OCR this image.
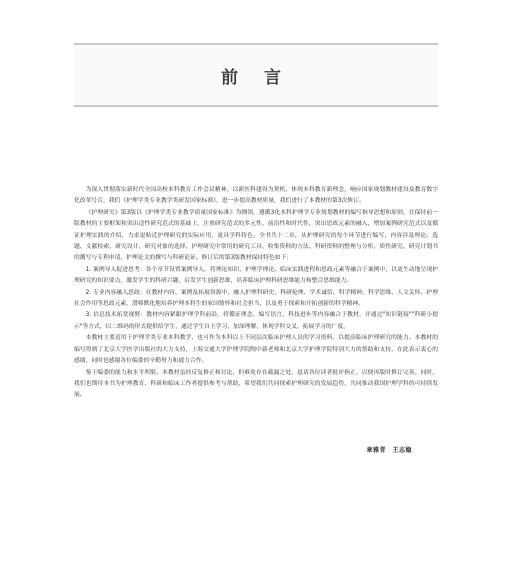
前 言

为深入贯彻落实新时代全国高校本科教育工作会议精神，以新医科建设为契机，体现本科教育新理念，响应国家规划教材建设及教育数字化改革号召，我们《护理学类专业教学类研发国家标准》，进一步提高教材质量，我们进行了本教材的第3次修订。

《护理研究》第3版以《护理学类专业教学质量国家标准》为纲领，遵循3化本科护理学专业规划教材的编写指导思想和原则，在保持前一版教材的主要框架和突出适性研究范式的基础上，注重研究范式的多元性、前沿性和时代性，突出思政元素的融入，增加案例研究范式以及循证护理实践的介绍，力求更贴近护理研究的实际应用，更具学科特色。全书共十二章，从护理研究的每个环节进行编写，内容涉及理论、选题、文献检索、研究设计、研究对象的选择、护理研究中常用的研究工具、收集资料的方法、科研资料的整理与分析、质性研究、研究计划书的撰写与专利申请、护理论文的撰写与科研论证。修订后的第3版教材保持特色如下：

1. 案例导入促进思考：各个章节设置案例导入，将理论知识、护理学理论、临床实践进程和思政元素等融合于案例中，以更生动地呈现护理研究的知识要点，激发学生的科研兴趣，启发学生创新思维，培养临床护理科研思维能力和整合思维能力。

2. 专业内容融入思政：在教材内容、案例及拓展资源中，融入护理科研史、科研伦理、学术诚信、科学精神、科学思维、人文关怀、护理社会作用等思政元素，潜移默化地培养护理本科生的家国情怀和社会担当，以及勇于探索和开拓创新的科学精神。

3. 信息技术拓宽视野：教材内容紧跟护理学科前沿，将循证理念、编写语言、科技进步等内容融合于教材，并通过"知识链接""科研小提示"等方式，以二维码的形式提供给学生，通过学生自主学习，加深理解，体现学科交叉，拓展学习的广度。

本教材主要适用于护理学类专业本科教学，也可作为本科以上不同层次临床护理人员的学习资料，以提高临床护理研究的能力。本教材的编写得到了北京大学医学出版社的大力支持，上海交通大学护理学院陶中新老师和北京大学护理学院特别大力的帮助和支持，在此表示衷心的感谢，同时也感谢各位编委的辛勤努力和通力合作。

鉴于编委的能力和水平所限，本教材虽经反复修正和讨论，但难免存在疏漏之处，恳请各位读者批评指正，以便再版时修订完善。同时，我们也期待本书为护理教育、科研和临床工作者提供参考与帮助，希望我们共同探索护理研究的发展趋势，共同推动我国护理学科的可持续发展。

章雅青　王志稳
